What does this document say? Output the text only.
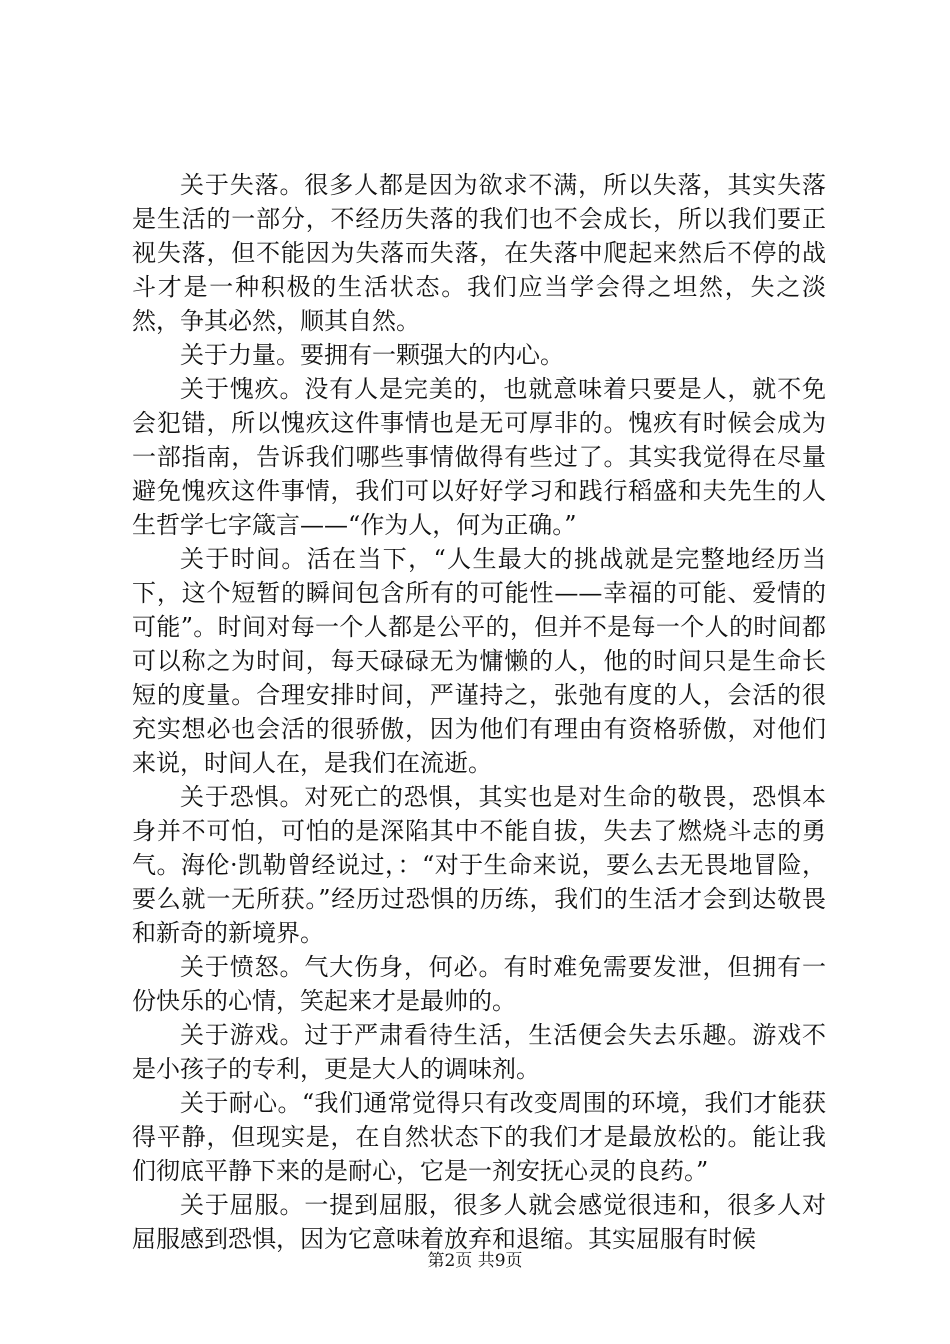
关于失落。很多人都是因为欲求不满，所以失落，其实失落是生活的一部分，不经历失落的我们也不会成长，所以我们要正视失落，但不能因为失落而失落，在失落中爬起来然后不停的战斗才是一种积极的生活状态。我们应当学会得之坦然，失之淡然，争其必然，顺其自然。

关于力量。要拥有一颗强大的内心。

关于愧疚。没有人是完美的，也就意味着只要是人，就不免会犯错，所以愧疚这件事情也是无可厚非的。愧疚有时候会成为一部指南，告诉我们哪些事情做得有些过了。其实我觉得在尽量避免愧疚这件事情，我们可以好好学习和践行稻盛和夫先生的人生哲学七字箴言——“作为人，何为正确。”

关于时间。活在当下，“人生最大的挑战就是完整地经历当下，这个短暂的瞬间包含所有的可能性——幸福的可能、爱情的可能”。时间对每一个人都是公平的，但并不是每一个人的时间都可以称之为时间，每天碌碌无为慵懒的人，他的时间只是生命长短的度量。合理安排时间，严谨持之，张弛有度的人，会活的很充实想必也会活的很骄傲，因为他们有理由有资格骄傲，对他们来说，时间人在，是我们在流逝。

关于恐惧。对死亡的恐惧，其实也是对生命的敬畏，恐惧本身并不可怕，可怕的是深陷其中不能自拔，失去了燃烧斗志的勇气。海伦·凯勒曾经说过，：“对于生命来说，要么去无畏地冒险，要么就一无所获。”经历过恐惧的历练，我们的生活才会到达敬畏和新奇的新境界。

关于愤怒。气大伤身，何必。有时难免需要发泄，但拥有一份快乐的心情，笑起来才是最帅的。

关于游戏。过于严肃看待生活，生活便会失去乐趣。游戏不是小孩子的专利，更是大人的调味剂。

关于耐心。“我们通常觉得只有改变周围的环境，我们才能获得平静，但现实是，在自然状态下的我们才是最放松的。能让我们彻底平静下来的是耐心，它是一剂安抚心灵的良药。”

关于屈服。一提到屈服，很多人就会感觉很违和，很多人对屈服感到恐惧，因为它意味着放弃和退缩。其实屈服有时候

第2页 共9页
